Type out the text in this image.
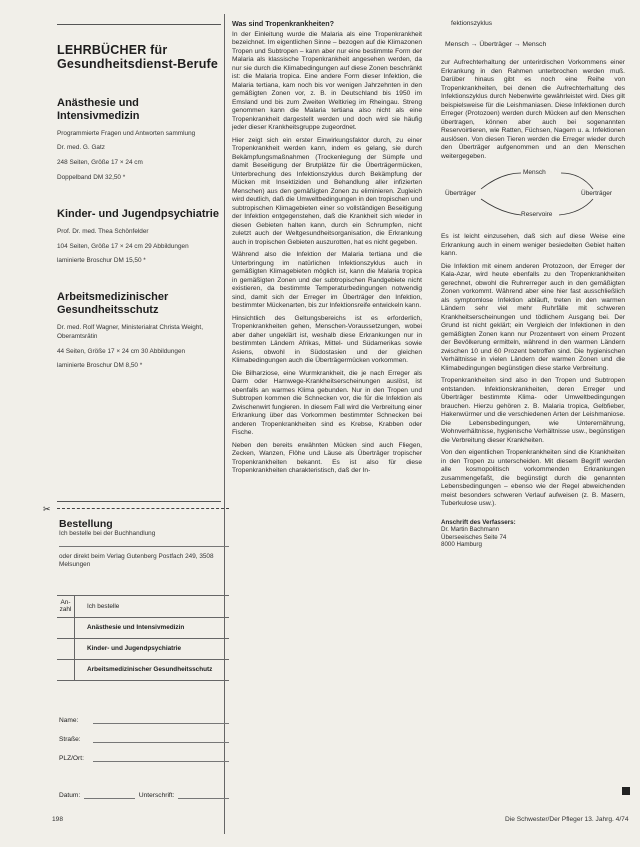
LEHRBÜCHER für Gesundheitsdienst-Berufe
Anästhesie und Intensivmedizin
Programmierte Fragen und Antworten sammlung
Dr. med. G. Gatz
248 Seiten, Größe 17 × 24 cm
Doppelband DM 32,50 *
Kinder- und Jugendpsychiatrie
Prof. Dr. med. Thea Schönfelder
104 Seiten, Größe 17 × 24 cm 29 Abbildungen
laminierte Broschur DM 15,50 *
Arbeitsmedizinischer Gesundheitsschutz
Dr. med. Rolf Wagner, Ministerialrat Christa Weight, Oberamtsrätin
44 Seiten, Größe 17 × 24 cm 30 Abbildungen
laminierte Broschur DM 8,50 *
✂
Bestellung
Ich bestelle bei der Buchhandlung
oder direkt beim Verlag Gutenberg Postfach 249, 3508 Melsungen
An-zahl	Ich bestelle
Anästhesie und Intensivmedizin
Kinder- und Jugendpsychiatrie
Arbeitsmedizinischer Gesundheitsschutz
Name:
Straße:
PLZ/Ort:
Datum:	Unterschrift:
Was sind Tropenkrankheiten?

In der Einleitung wurde die Malaria als eine Tropenkrankheit bezeichnet. Im eigentlichen Sinne – bezogen auf die Klimazonen Tropen und Subtropen – kann aber nur eine bestimmte Form der Malaria als klassische Tropenkrankheit angesehen werden, da nur sie durch die Klimabedingungen auf diese Zonen beschränkt ist: die Malaria tropica. Eine andere Form dieser Infektion, die Malaria tertiana, kam noch bis vor wenigen Jahrzehnten in den gemäßigten Zonen vor, z. B. in Deutschland bis 1950 im Emsland und bis zum Zweiten Weltkrieg im Rheingau. Streng genommen kann die Malaria tertiana also nicht als eine Tropenkrankheit dargestellt werden und doch wird sie häufig jeder dieser Krankheitsgruppe zugeordnet.

Hier zeigt sich ein erster Einwirkungsfaktor durch, zu einer Tropenkrankheit werden kann, indem es gelang, sie durch Bekämpfungsmaßnahmen (Trockenlegung der Sümpfe und damit Beseitigung der Brutplätze für die Überträgermücken, Unterbrechung des Infektionszyklus durch Bekämpfung der Mücken mit Insektiziden und Behandlung aller infizierten Menschen) aus den gemäßigten Zonen zu eliminieren. Zugleich wird deutlich, daß die Umweltbedingungen in den tropischen und subtropischen Klimagebieten einer so vollständigen Beseitigung der Infektion entgegenstehen, daß die Krankheit sich wieder in diesen Gebieten halten kann, durch ein Schrumpfen, nicht zuletzt auch der Weltgesundheitsorganisation, die Erkrankung auch in tropischen Gebieten auszurotten, hat es nicht gegeben.

Während also die Infektion der Malaria tertiana und die Unterbringung im natürlichen Infektionszyklus auch in gemäßigten Klimagebieten möglich ist, kann die Malaria tropica in gemäßigten Zonen und der subtropischen Randgebiete nicht existieren, da bestimmte Temperaturbedingungen notwendig sind, damit sich der Erreger im Überträger den Infektion, bestimmter Mückenarten, bis zur Infektionsreife entwickeln kann.

Hinsichtlich des Geltungsbereichs ist es erforderlich, Tropenkrankheiten gehen, Menschen-Voraussetzungen, wobei aber daher ungeklärt ist, weshalb diese Erkrankungen nur in bestimmten Ländern Afrikas, Mittel- und Südamerikas sowie Asiens, obwohl in Südostasien und der gleichen Klimabedingungen auch die Überträgermücken vorkommen.

Die Bilharziose, eine Wurmkrankheit, die je nach Erreger als Darm oder Harnwege-Krankheitserscheinungen auslöst, ist ebenfalls an warmes Klima gebunden. Nur in den Tropen und Subtropen kommen die Schnecken vor, die für die Infektion als Zwischenwirt fungieren. In diesem Fall wird die Verbreitung einer Erkrankung über das Vorkommen bestimmter Schnecken bei anderen Tropenkrankheiten sind es Krebse, Krabben oder Fische.

Neben den bereits erwähnten Mücken sind auch Fliegen, Zecken, Wanzen, Flöhe und Läuse als Überträger tropischer Tropenkrankheiten bekannt. Es ist also für diese Tropenkrankheiten charakteristisch, daß der In-

fektionszyklus

Mensch → Überträger → Mensch

zur Aufrechterhaltung der unterirdischen Vorkommens einer Erkrankung in den Rahmen unterbrochen werden muß. Darüber hinaus gibt es noch eine Reihe von Tropenkrankheiten, bei denen die Aufrechterhaltung des Infektionszyklus durch Nebenwirte gewährleistet wird. Dies gilt beispielsweise für die Leishmaniasen. Diese Infektionen durch Erreger (Protozoen) werden durch Mücken auf den Menschen übertragen, können aber auch bei sogenannten Reservoirtieren, wie Ratten, Füchsen, Nagern u. a. Infektionen auslösen. Von diesen Tieren werden die Erreger wieder durch den Überträger aufgenommen und an den Menschen weitergegeben.

Mensch
Überträger	Überträger
Reservoire

Es ist leicht einzusehen, daß sich auf diese Weise eine Erkrankung auch in einem weniger besiedelten Gebiet halten kann.

Die Infektion mit einem anderen Protozoon, der Erreger der Kala-Azar, wird heute ebenfalls zu den Tropenkrankheiten gerechnet, obwohl die Ruhrerreger auch in den gemäßigten Zonen vorkommt. Während aber eine hier fast ausschließlich als symptomlose Infektion abläuft, treten in den warmen Ländern sehr viel mehr Ruhrfälle mit schweren Krankheitserscheinungen und tödlichem Ausgang bei. Der Grund ist nicht geklärt; ein Vergleich der Infektionen in den gemäßigten Zonen kann nur Prozentwert von einem Prozent der Bevölkerung ermitteln, während in den warmen Ländern zwischen 10 und 60 Prozent betroffen sind. Die hygienischen Verhältnisse in vielen Ländern der warmen Zonen und die Klimabedingungen begünstigen diese starke Verbreitung.

Tropenkrankheiten sind also in den Tropen und Subtropen entstanden. Infektionskrankheiten, deren Erreger und Überträger bestimmte Klima- oder Umweltbedingungen brauchen. Hierzu gehören z. B. Malaria tropica, Gelbfieber, Hakenwürmer und die verschiedenen Arten der Leishmaniose. Die Lebensbedingungen, wie Unterernährung, Wohnverhältnisse, hygienische Verhältnisse usw., begünstigen die Verbreitung dieser Krankheiten.

Von den eigentlichen Tropenkrankheiten sind die Krankheiten in den Tropen zu unterscheiden. Mit diesem Begriff werden alle kosmopolitisch vorkommenden Erkrankungen zusammengefaßt, die begünstigt durch die genannten Lebensbedingungen – ebenso wie der Regel abweichenden meist besonders schweren Verlauf aufweisen (z. B. Masern, Tuberkulose usw.).

Anschrift des Verfassers:
Dr. Martin Bachmann
Überseeisches Seite 74
8000 Hamburg
198	Die Schwester/Der Pfleger 13. Jahrg. 4/74
